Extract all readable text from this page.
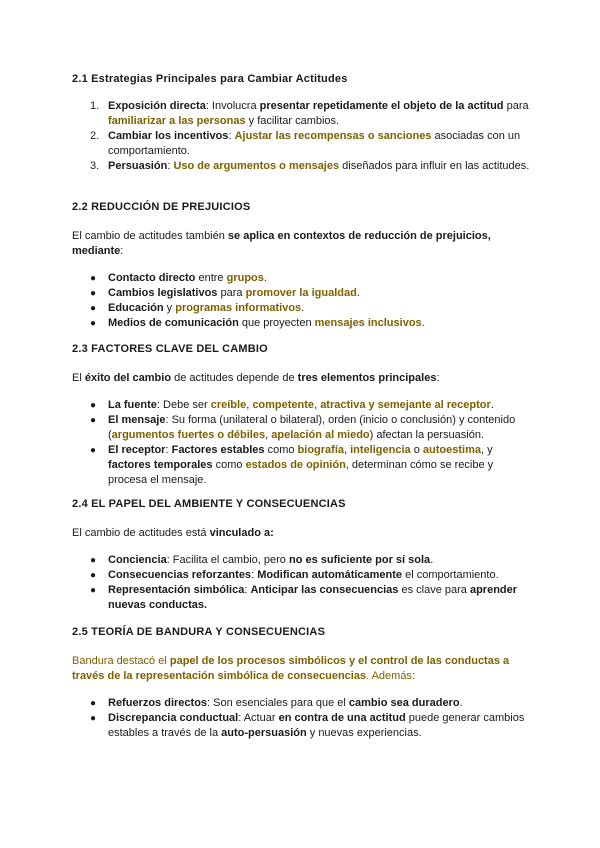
2.1 Estrategias Principales para Cambiar Actitudes
1. Exposición directa: Involucra presentar repetidamente el objeto de la actitud para familiarizar a las personas y facilitar cambios.
2. Cambiar los incentivos: Ajustar las recompensas o sanciones asociadas con un comportamiento.
3. Persuasión: Uso de argumentos o mensajes diseñados para influir en las actitudes.
2.2 REDUCCIÓN DE PREJUICIOS

El cambio de actitudes también se aplica en contextos de reducción de prejuicios, mediante:

● Contacto directo entre grupos.
● Cambios legislativos para promover la igualdad.
● Educación y programas informativos.
● Medios de comunicación que proyecten mensajes inclusivos.
2.3 FACTORES CLAVE DEL CAMBIO

El éxito del cambio de actitudes depende de tres elementos principales:

● La fuente: Debe ser creíble, competente, atractiva y semejante al receptor.
● El mensaje: Su forma (unilateral o bilateral), orden (inicio o conclusión) y contenido (argumentos fuertes o débiles, apelación al miedo) afectan la persuasión.
● El receptor: Factores estables como biografía, inteligencia o autoestima, y factores temporales como estados de opinión, determinan cómo se recibe y procesa el mensaje.
2.4 EL PAPEL DEL AMBIENTE Y CONSECUENCIAS

El cambio de actitudes está vinculado a:

● Conciencia: Facilita el cambio, pero no es suficiente por sí sola.
● Consecuencias reforzantes: Modifican automáticamente el comportamiento.
● Representación simbólica: Anticipar las consecuencias es clave para aprender nuevas conductas.
2.5 TEORÍA DE BANDURA Y CONSECUENCIAS

Bandura destacó el papel de los procesos simbólicos y el control de las conductas a través de la representación simbólica de consecuencias. Además:

● Refuerzos directos: Son esenciales para que el cambio sea duradero.
● Discrepancia conductual: Actuar en contra de una actitud puede generar cambios estables a través de la auto-persuasión y nuevas experiencias.
